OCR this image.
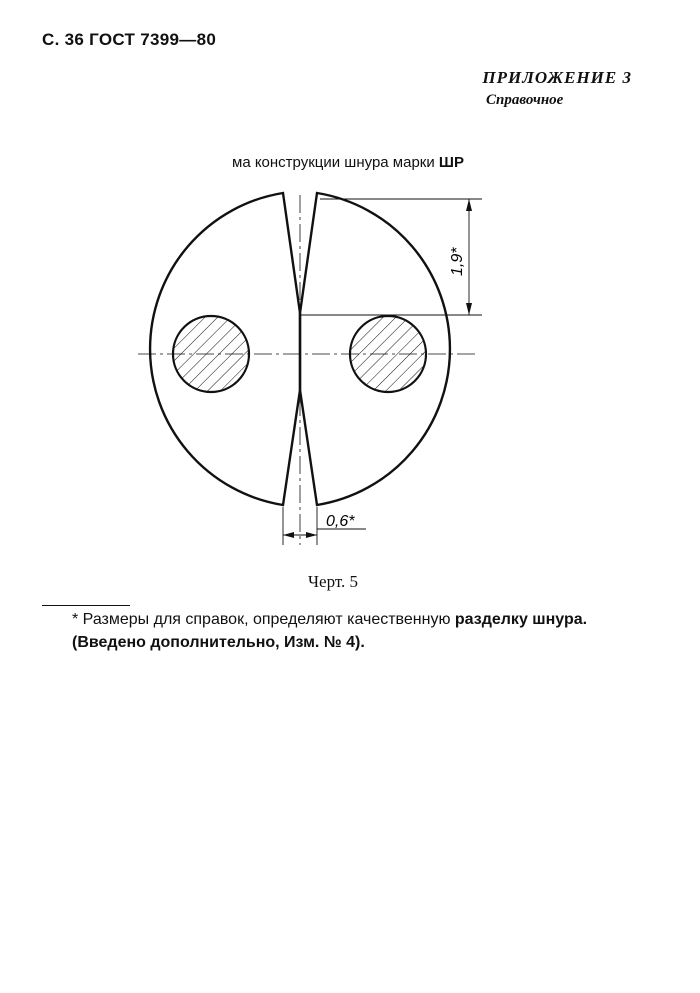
С. 36 ГОСТ 7399—80
ПРИЛОЖЕНИЕ 3
Справочное
ма конструкции шнура марки ШР
1,9*
0,6*
Черт. 5
* Размеры для справок, определяют качественную разделку шнура.
(Введено дополнительно, Изм. № 4).
